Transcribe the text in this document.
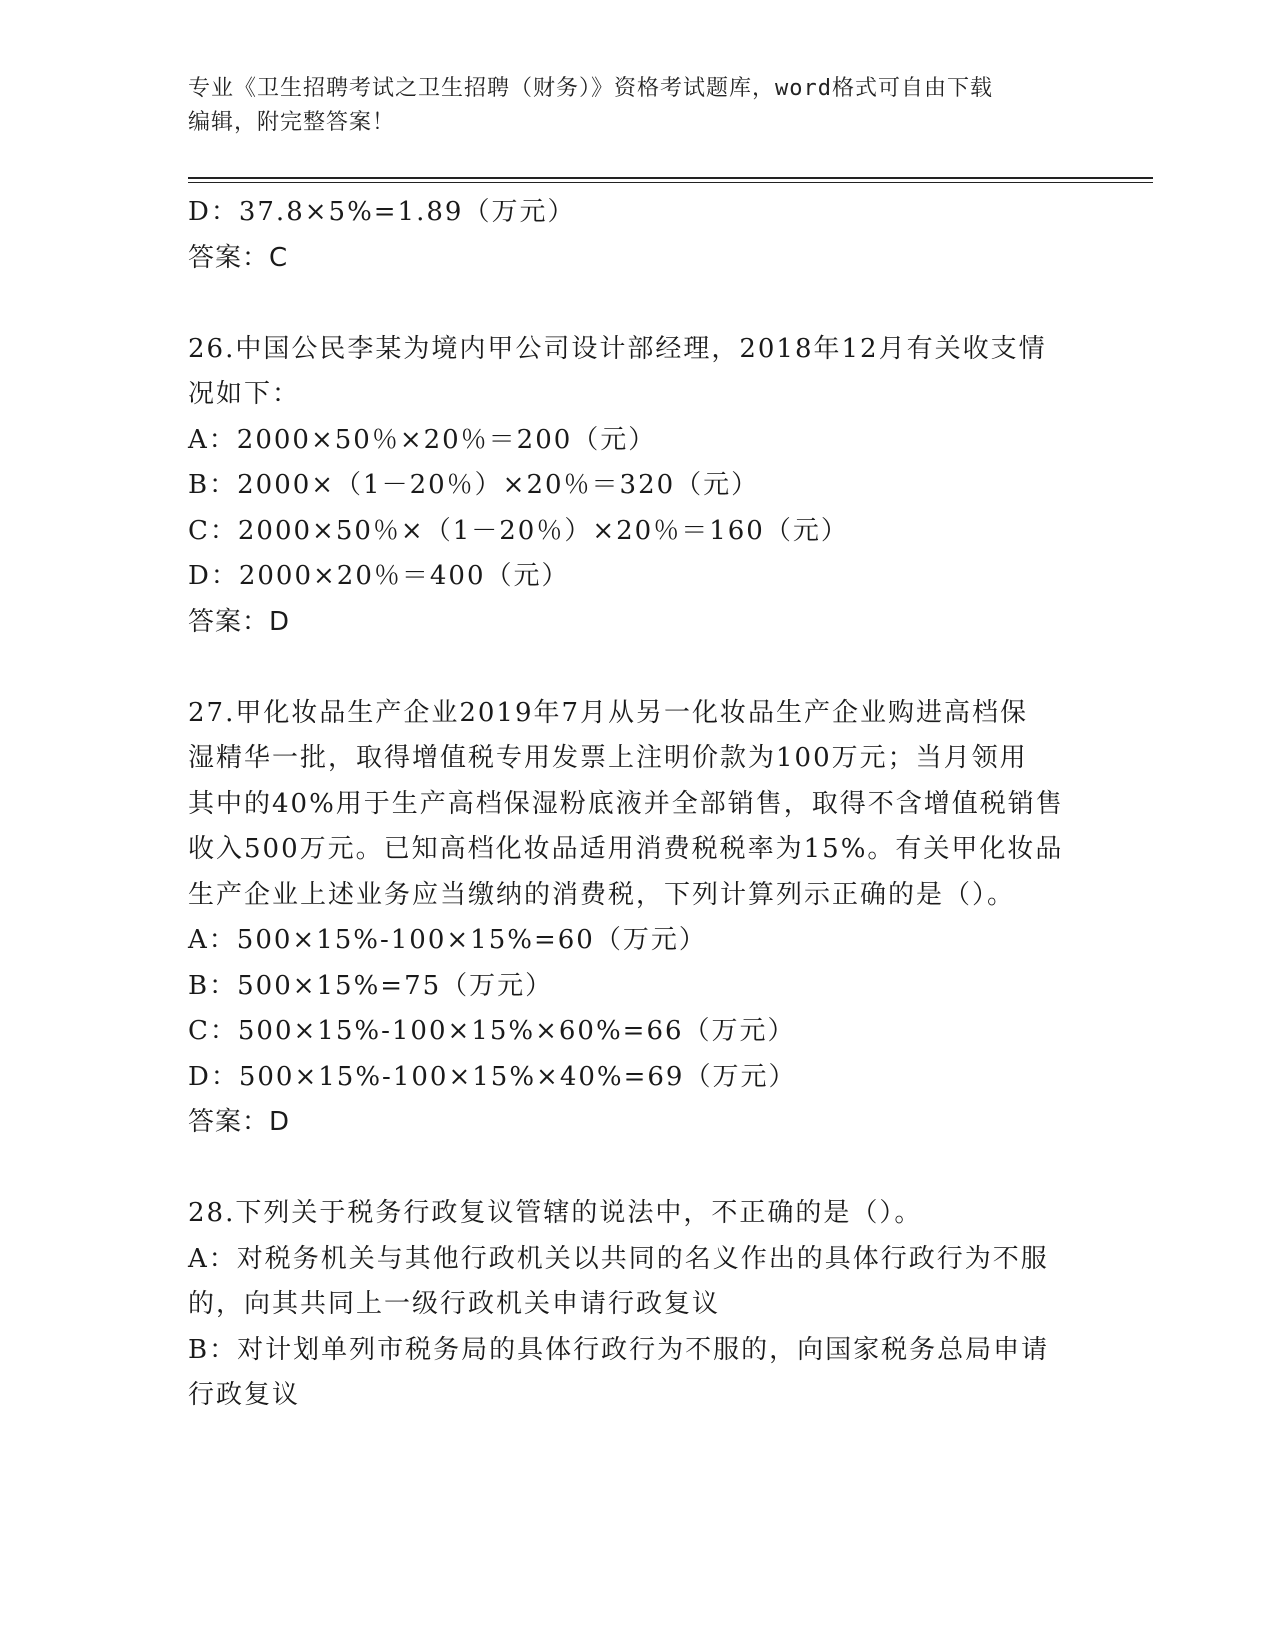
专业《卫生招聘考试之卫生招聘（财务）》资格考试题库，word格式可自由下载
编辑，附完整答案！
D：37.8×5%=1.89（万元）
答案：C
26.中国公民李某为境内甲公司设计部经理，2018年12月有关收支情
况如下：
A：2000×50％×20％＝200（元）
B：2000×（1－20％）×20％＝320（元）
C：2000×50％×（1－20％）×20％＝160（元）
D：2000×20％＝400（元）
答案：D
27.甲化妆品生产企业2019年7月从另一化妆品生产企业购进高档保
湿精华一批，取得增值税专用发票上注明价款为100万元；当月领用
其中的40%用于生产高档保湿粉底液并全部销售，取得不含增值税销售
收入500万元。已知高档化妆品适用消费税税率为15%。有关甲化妆品
生产企业上述业务应当缴纳的消费税，下列计算列示正确的是（）。
A：500×15%-100×15%=60（万元）
B：500×15%=75（万元）
C：500×15%-100×15%×60%=66（万元）
D：500×15%-100×15%×40%=69（万元）
答案：D
28.下列关于税务行政复议管辖的说法中，不正确的是（）。
A：对税务机关与其他行政机关以共同的名义作出的具体行政行为不服
的，向其共同上一级行政机关申请行政复议
B：对计划单列市税务局的具体行政行为不服的，向国家税务总局申请
行政复议
